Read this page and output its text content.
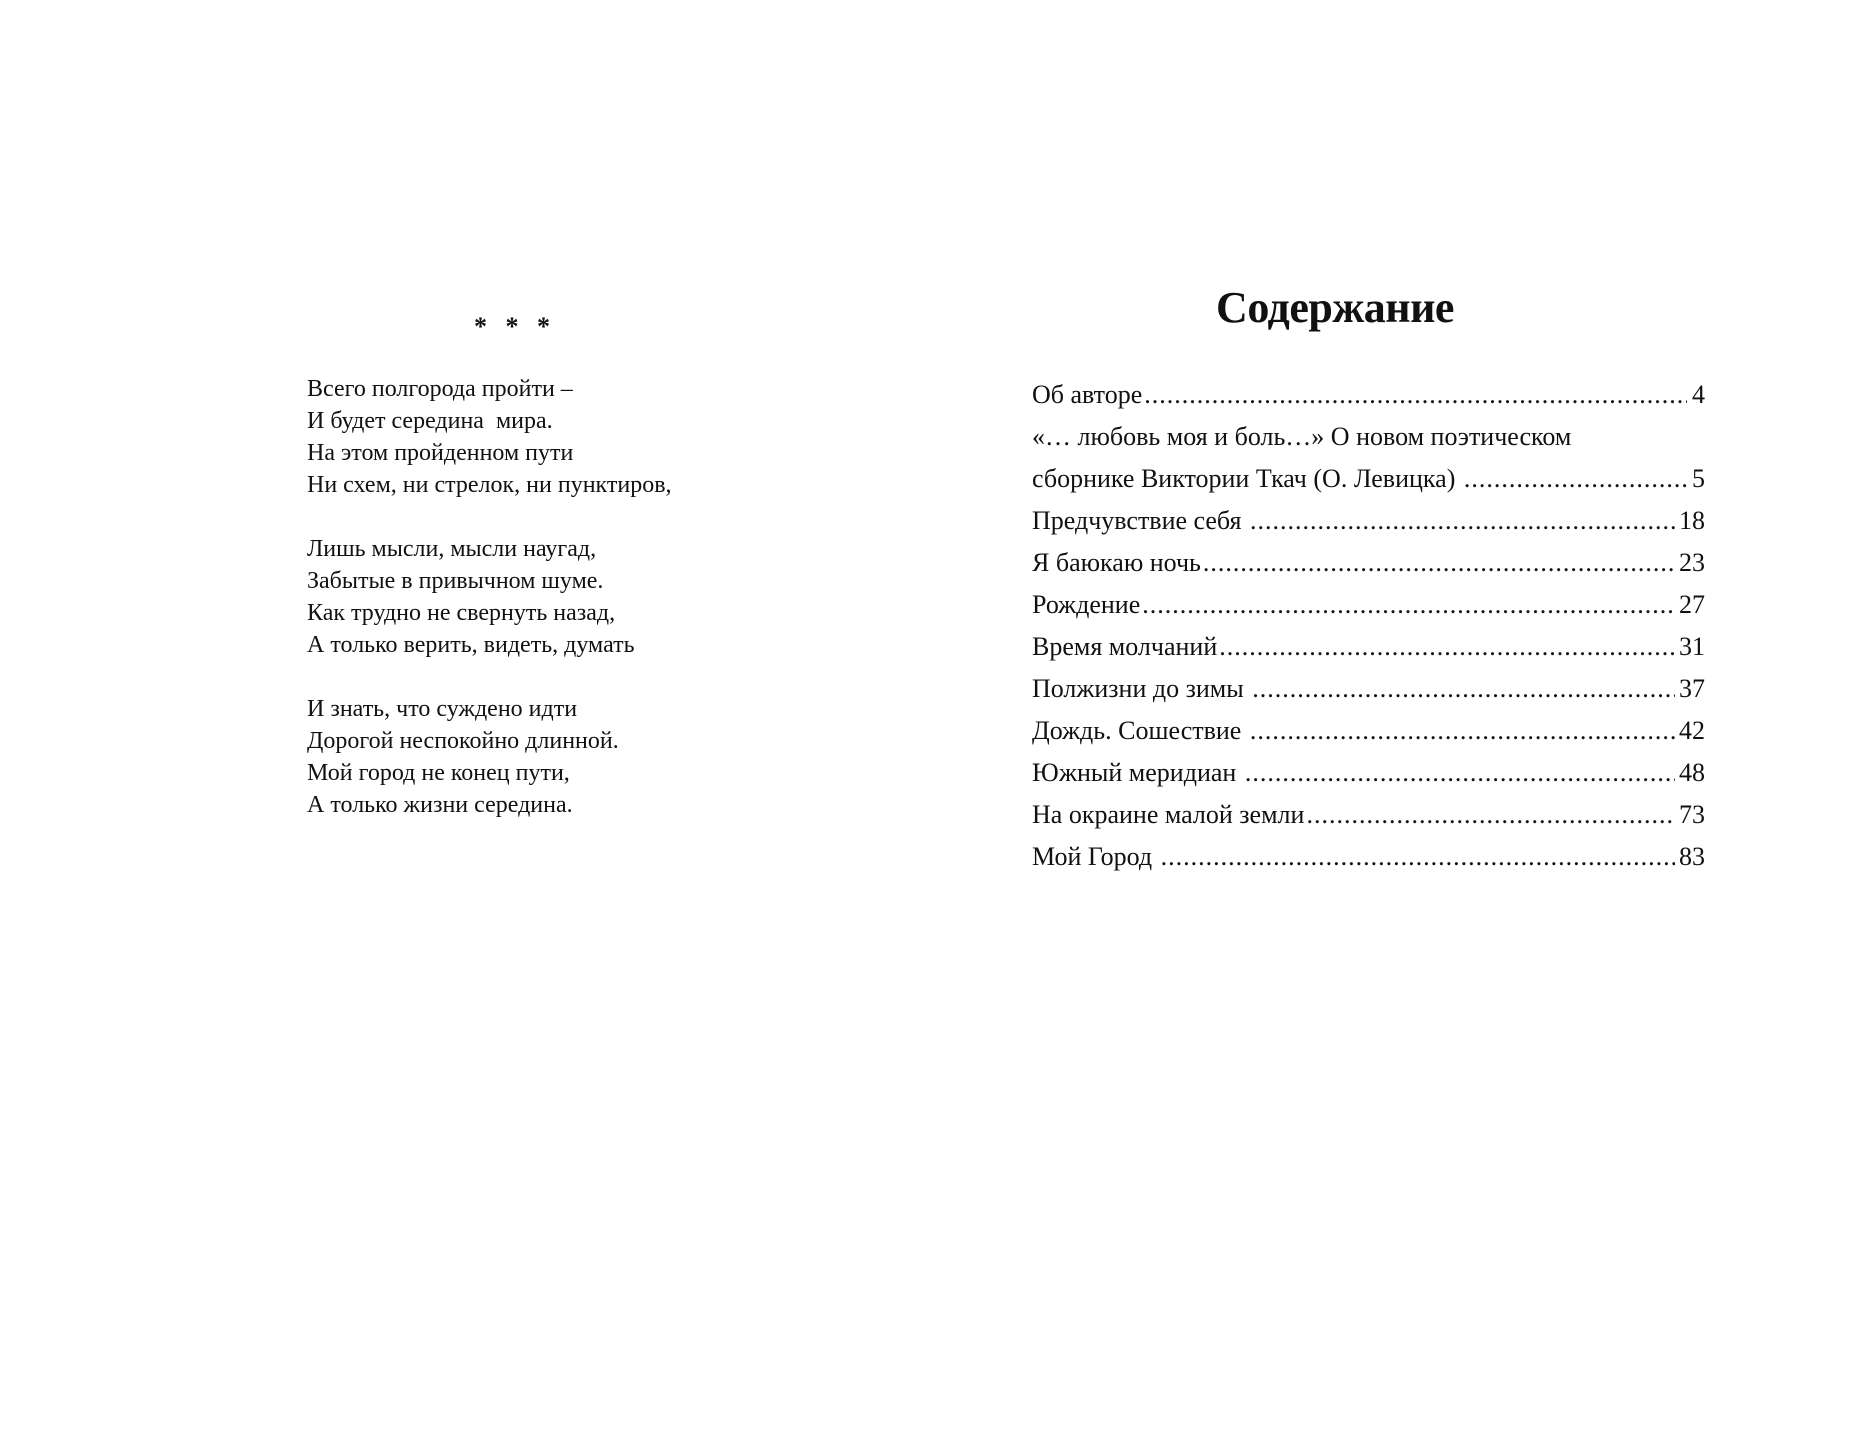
* * *
Всего полгорода пройти –
И будет середина  мира.
На этом пройденном пути
Ни схем, ни стрелок, ни пунктиров,
Лишь мысли, мысли наугад,
Забытые в привычном шуме.
Как трудно не свернуть назад,
А только верить, видеть, думать
И знать, что суждено идти
Дорогой неспокойно длинной.
Мой город не конец пути,
А только жизни середина.
Содержание
Об авторе .....	4
«… любовь моя и боль…» О новом поэтическом
сборнике Виктории Ткач (О. Левицка) .....	5
Предчувствие себя .....	18
Я баюкаю ночь .....	23
Рождение .....	27
Время молчаний .....	31
Полжизни до зимы .....	37
Дождь. Сошествие .....	42
Южный меридиан .....	48
На окраине малой земли .....	73
Мой Город .....	83
